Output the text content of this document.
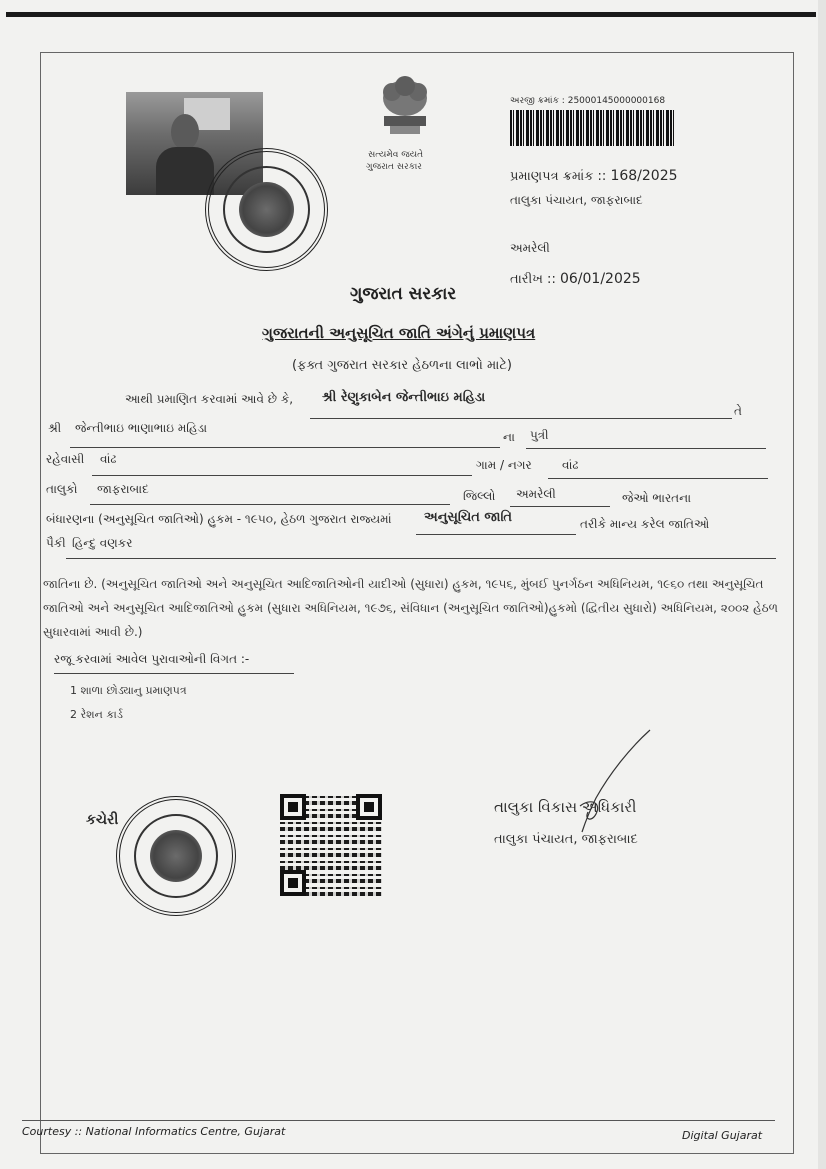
સત્યમેવ જયતે
ગુજરાત સરકાર
અરજી ક્રમાંક : 25000145000000168
પ્રમાણપત્ર ક્રમાંક :: 168/2025
તાલુકા પંચાયત, જાફરાબાદ
અમરેલી
તારીખ :: 06/01/2025
ગુજરાત સરકાર
ગુજરાતની અનુસૂચિત જાતિ અંગેનું પ્રમાણપત્ર
(ફક્ત ગુજરાત સરકાર હેઠળના લાભો માટે)
આથી પ્રમાણિત કરવામાં આવે છે કે, શ્રી રેણુકાબેન જેન્તીભાઇ મહિડા
તે
શ્રી જેન્તીભાઇ ભાણાભાઇ મહિડા
ના પુત્રી
રહેવાસી વાંઢ	ગામ / નગર	વાંઢ
તાલુકો જાફરાબાદ	જિલ્લો અમરેલી	જેઓ ભારતના
બંધારણના (અનુસૂચિત જાતિઓ) હુકમ - ૧૯૫૦, હેઠળ ગુજરાત રાજ્યમાં અનુસૂચિત જાતિ	તરીકે માન્ય કરેલ જાતિઓ
પૈકી હિન્દુ વણકર
જાતિના છે. (અનુસૂચિત જાતિઓ અને અનુસૂચિત આદિજાતિઓની યાદીઓ (સુધારા) હુકમ, ૧૯૫૬, મુંબઈ પુનર્ગઠન અધિનિયમ, ૧૯૬૦ તથા અનુસૂચિત જાતિઓ અને અનુસૂચિત આદિજાતિઓ હુકમ (સુધારા અધિનિયમ, ૧૯૭૬, સંવિધાન (અનુસૂચિત જાતિઓ)હુકમો (દ્વિતીય સુધારો) અધિનિયમ, ૨૦૦૨ હેઠળ સુધારવામાં આવી છે.)
રજૂ કરવામાં આવેલ પુરાવાઓની વિગત :-
1 શાળા છોડ્યાનુ પ્રમાણપત્ર
2 રેશન કાર્ડ
કચેરી
તાલુકા વિકાસ અધિકારી
તાલુકા પંચાયત, જાફરાબાદ
Courtesy :: National Informatics Centre, Gujarat	Digital Gujarat
